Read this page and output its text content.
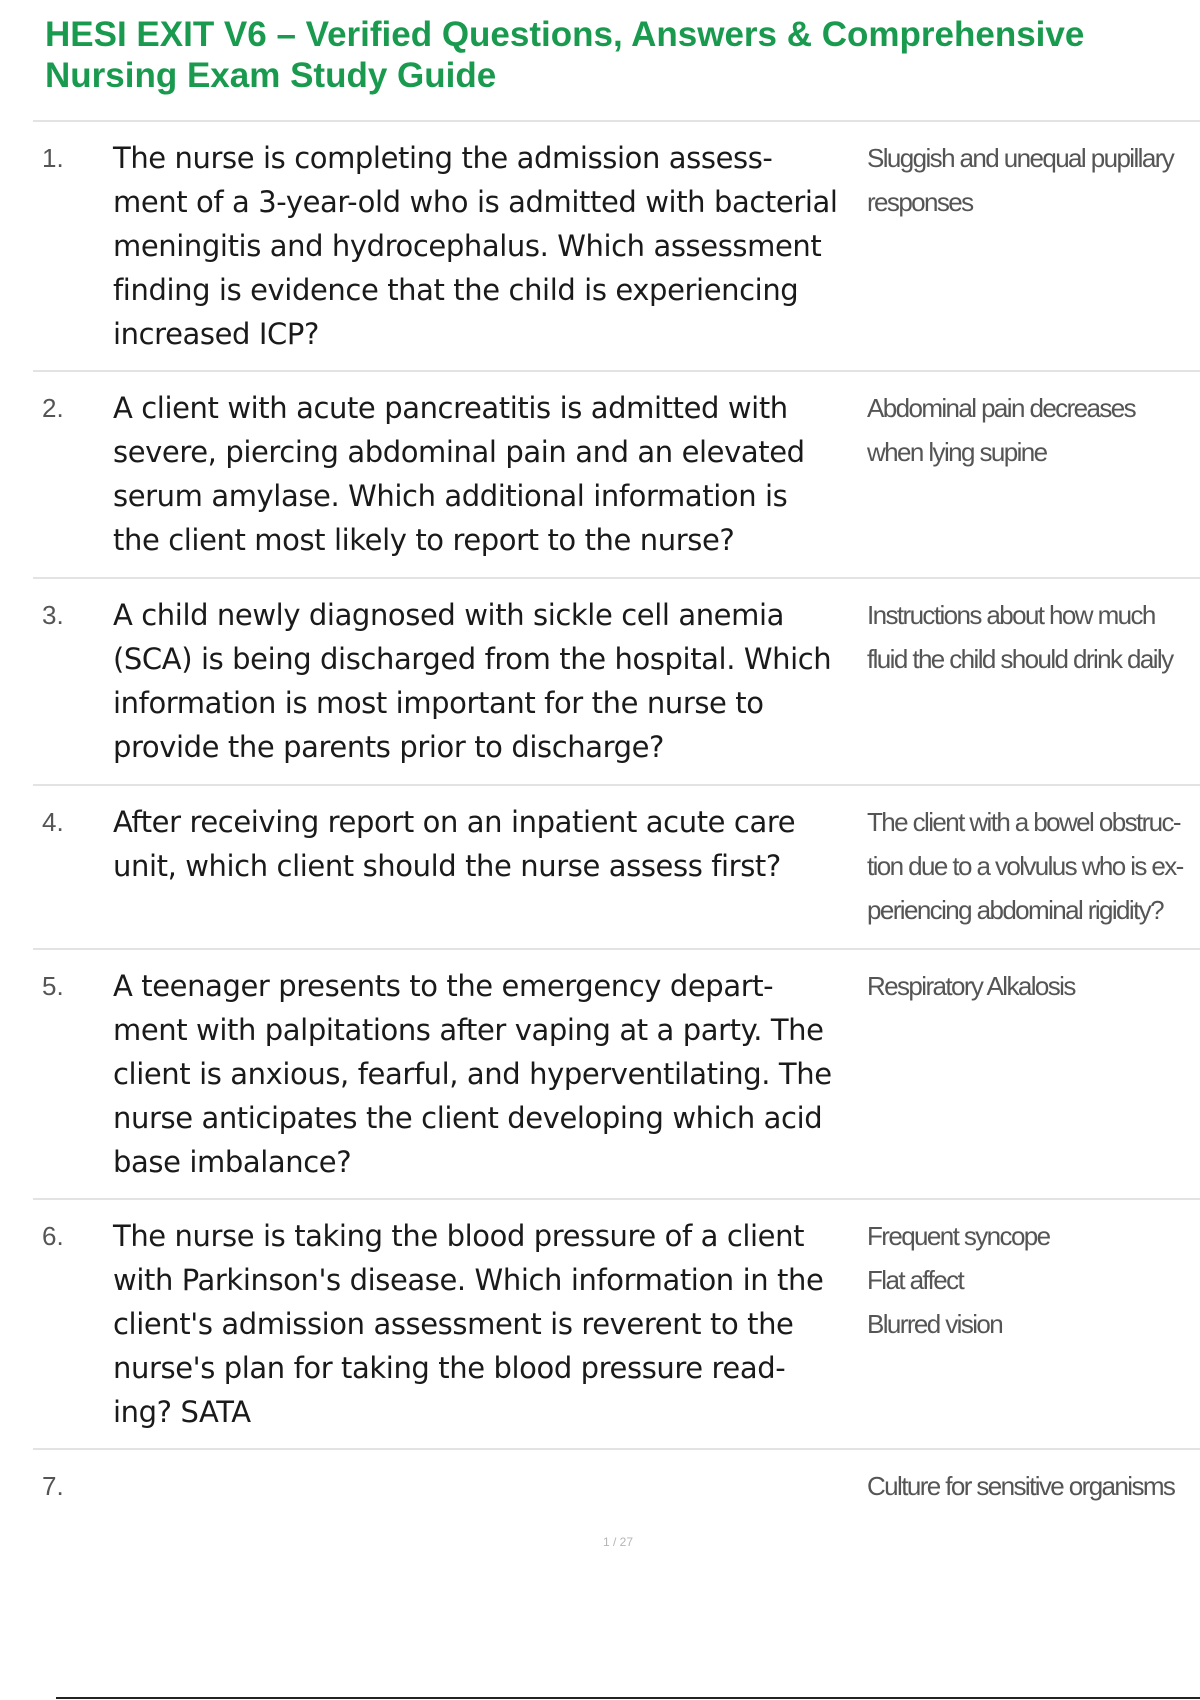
HESI EXIT V6 – Verified Questions, Answers & Comprehensive
Nursing Exam Study Guide
1. The nurse is completing the admission assess-
ment of a 3-year-old who is admitted with bacterial
meningitis and hydrocephalus. Which assessment
finding is evidence that the child is experiencing
increased ICP?
Sluggish and unequal pupillary
responses
2. A client with acute pancreatitis is admitted with
severe, piercing abdominal pain and an elevated
serum amylase. Which additional information is
the client most likely to report to the nurse?
Abdominal pain decreases
when lying supine
3. A child newly diagnosed with sickle cell anemia
(SCA) is being discharged from the hospital. Which
information is most important for the nurse to
provide the parents prior to discharge?
Instructions about how much
fluid the child should drink daily
4. After receiving report on an inpatient acute care
unit, which client should the nurse assess first?
The client with a bowel obstruc-
tion due to a volvulus who is ex-
periencing abdominal rigidity?
5. A teenager presents to the emergency depart-
ment with palpitations after vaping at a party. The
client is anxious, fearful, and hyperventilating. The
nurse anticipates the client developing which acid
base imbalance?
Respiratory Alkalosis
6. The nurse is taking the blood pressure of a client
with Parkinson's disease. Which information in the
client's admission assessment is reverent to the
nurse's plan for taking the blood pressure read-
ing? SATA
Frequent syncope
Flat affect
Blurred vision
7.	Culture for sensitive organisms
1 / 27
